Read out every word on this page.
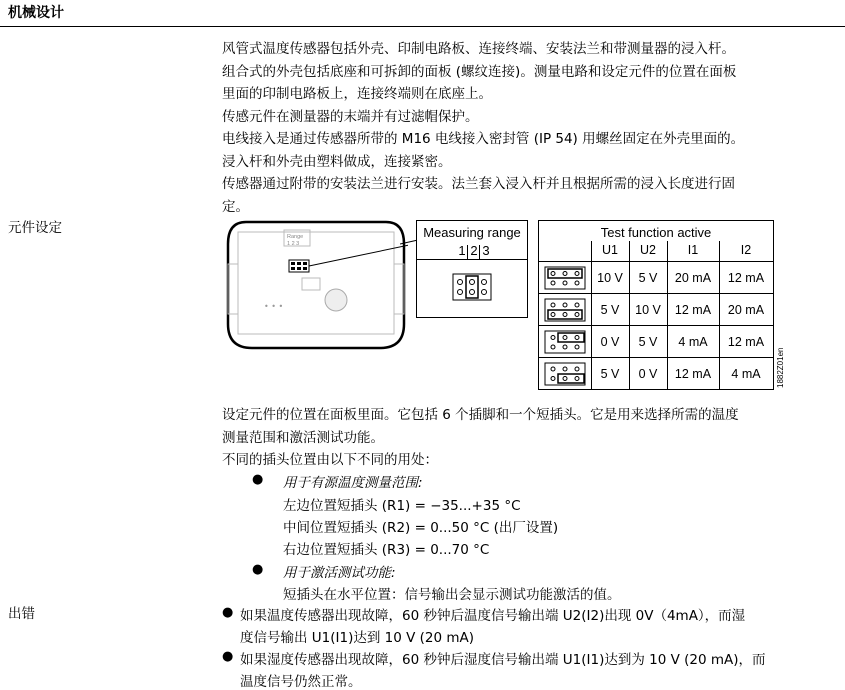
机械设计
风管式温度传感器包括外壳、印制电路板、连接终端、安装法兰和带测量器的浸入杆。
组合式的外壳包括底座和可拆卸的面板 (螺纹连接)。测量电路和设定元件的位置在面板
里面的印制电路板上，连接终端则在底座上。
传感元件在测量器的末端并有过滤帽保护。
电线接入是通过传感器所带的 M16 电线接入密封管 (IP 54) 用螺丝固定在外壳里面的。
浸入杆和外壳由塑料做成，连接紧密。
传感器通过附带的安装法兰进行安装。法兰套入浸入杆并且根据所需的浸入长度进行固
定。
元件设定
Range
1 2 3
• • •
Measuring range
1 2 3
Test function active
U1	U2	I1	I2
10 V	5 V	20 mA	12 mA
5 V	10 V	12 mA	20 mA
0 V	5 V	4 mA	12 mA
5 V	0 V	12 mA	4 mA	1882Z01en
设定元件的位置在面板里面。它包括 6 个插脚和一个短插头。它是用来选择所需的温度
测量范围和激活测试功能。
不同的插头位置由以下不同的用处：
● 用于有源温度测量范围:
左边位置短插头 (R1) = −35...+35 °C
中间位置短插头 (R2) = 0...50 °C (出厂设置)
右边位置短插头 (R3) = 0...70 °C
● 用于激活测试功能:
短插头在水平位置：信号输出会显示测试功能激活的值。
出错	● 如果温度传感器出现故障，60 秒钟后温度信号输出端 U2(I2)出现 0V（4mA），而湿
度信号输出 U1(I1)达到 10 V (20 mA)
● 如果湿度传感器出现故障，60 秒钟后湿度信号输出端 U1(I1)达到为 10 V (20 mA)，而
温度信号仍然正常。
